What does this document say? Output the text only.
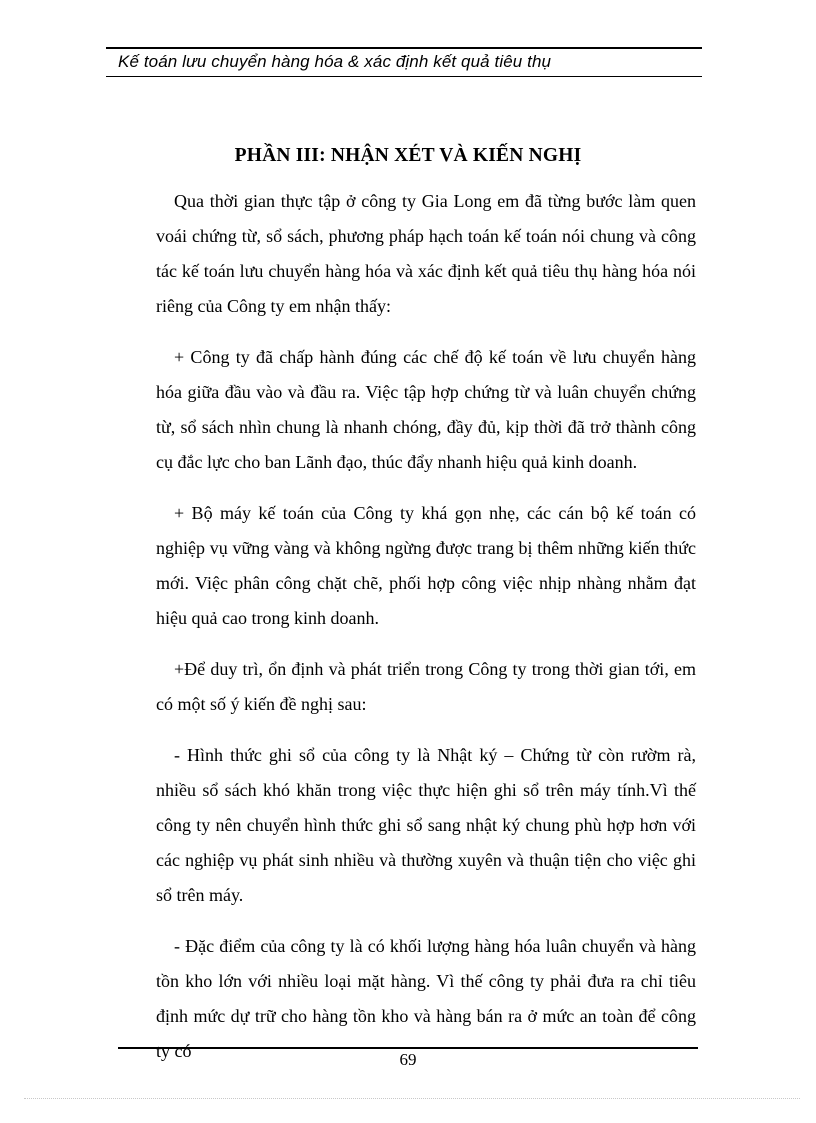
Kế toán lưu chuyển hàng hóa & xác định kết quả tiêu thụ
PHẦN III: NHẬN XÉT VÀ KIẾN NGHỊ

Qua thời gian thực tập ở công ty Gia Long em đã từng bước làm quen voái chứng từ, sổ sách, phương pháp hạch toán kế toán nói chung và công tác kế toán lưu chuyển hàng hóa và xác định kết quả tiêu thụ hàng hóa nói riêng của Công ty em nhận thấy:

+ Công ty đã chấp hành đúng các chế độ kế toán về lưu chuyển hàng hóa giữa đầu vào và đầu ra. Việc tập hợp chứng từ và luân chuyển chứng từ, sổ sách nhìn chung là nhanh chóng, đầy đủ, kịp thời đã trở thành công cụ đắc lực cho ban Lãnh đạo, thúc đẩy nhanh hiệu quả kinh doanh.

+ Bộ máy kế toán của Công ty khá gọn nhẹ, các cán bộ kế toán có nghiệp vụ vững vàng và không ngừng được trang bị thêm những kiến thức mới. Việc phân công chặt chẽ, phối hợp công việc nhịp nhàng nhằm đạt hiệu quả cao trong kinh doanh.

+Để duy trì, ổn định và phát triển trong Công ty trong thời gian tới, em có một số ý kiến đề nghị sau:

- Hình thức ghi sổ của công ty là Nhật ký – Chứng từ còn rườm rà, nhiều sổ sách khó khăn trong việc thực hiện ghi sổ trên máy tính.Vì thế công ty nên chuyển hình thức ghi sổ sang nhật ký chung phù hợp hơn với các nghiệp vụ phát sinh nhiều và thường xuyên và thuận tiện cho việc ghi sổ trên máy.

- Đặc điểm của công ty là có khối lượng hàng hóa luân chuyển và hàng tồn kho lớn với nhiều loại mặt hàng. Vì thế công ty phải đưa ra chỉ tiêu định mức dự trữ cho hàng tồn kho và hàng bán ra ở mức an toàn để công ty có	69
